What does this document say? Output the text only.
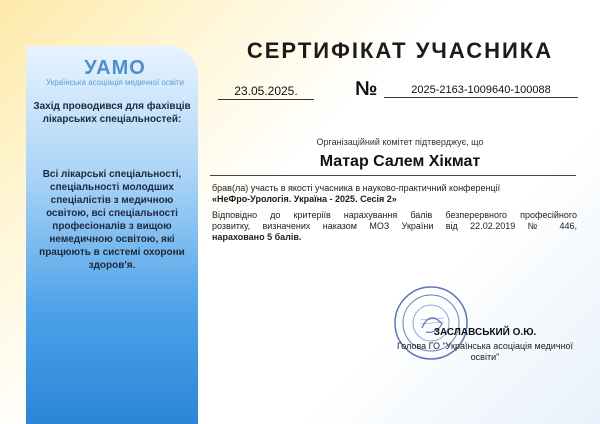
УАМО
Українська асоціація медичної освіти
Захід проводився для фахівців лікарських спеціальностей:
Всі лікарські спеціальності, спеціальності молодших спеціалістів з медичною освітою, всі спеціальності професіоналів з вищою немедичною освітою, які працюють в системі охорони здоров'я.
СЕРТИФІКАТ УЧАСНИКА
23.05.2025.	№	2025-2163-1009640-100088
Організаційний комітет підтверджує, що
Матар Салем Хікмат
брав(ла) участь в якості учасника в науково-практичний конференції
«НеФро-Урологія. Україна - 2025. Сесія 2»
Відповідно до критеріїв нарахування балів безперервного професійного
розвитку, визначених наказом МОЗ України від 22.02.2019 № 446,
нараховано 5 балів.
ЗАСЛАВСЬКИЙ О.Ю.
Голова ГО "Українська асоціація медичної освіти"
